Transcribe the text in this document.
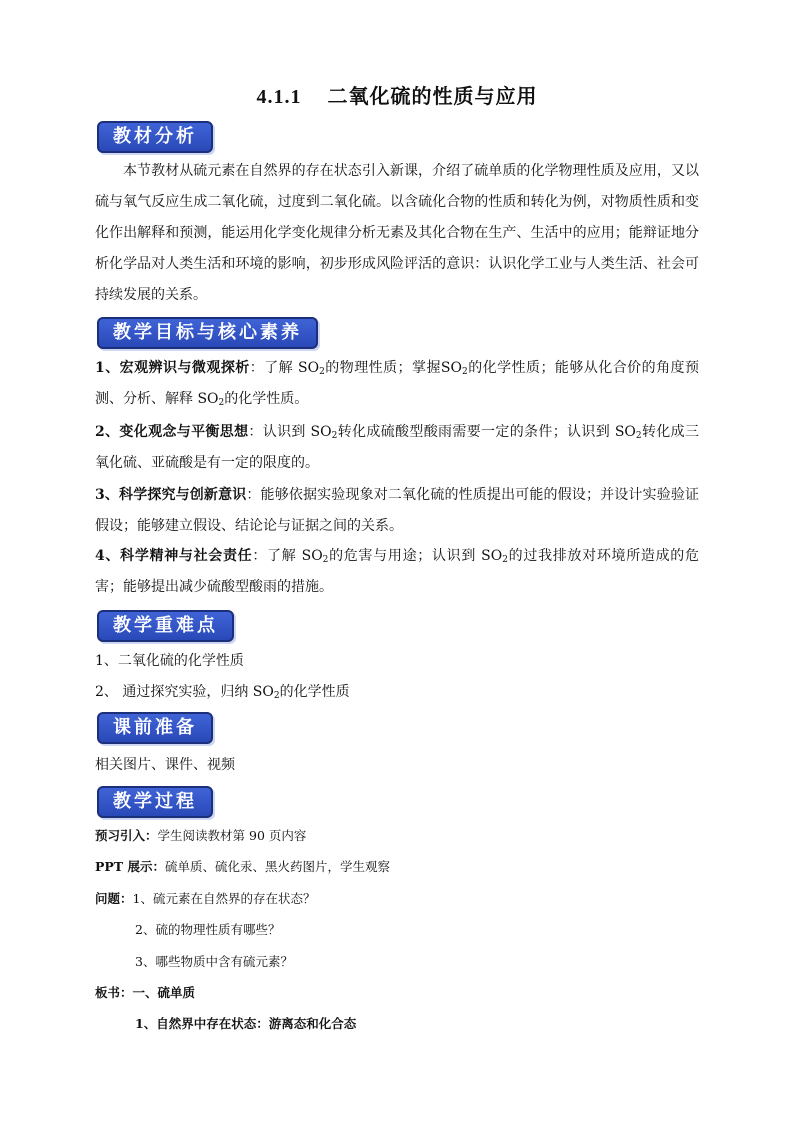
4.1.1 二氧化硫的性质与应用
教材分析
本节教材从硫元素在自然界的存在状态引入新课，介绍了硫单质的化学物理性质及应用，又以硫与氧气反应生成二氧化硫，过度到二氧化硫。以含硫化合物的性质和转化为例，对物质性质和变化作出解释和预测，能运用化学变化规律分析无素及其化合物在生产、生活中的应用；能辩证地分析化学品对人类生活和环境的影响，初步形成风险评活的意识：认识化学工业与人类生活、社会可持续发展的关系。
教学目标与核心素养
1、宏观辨识与微观探析：了解 $SO_2$的物理性质；掌握$SO_2$的化学性质；能够从化合价的角度预测、分析、解释 $SO_2$的化学性质。
2、变化观念与平衡思想：认识到 $SO_2$转化成硫酸型酸雨需要一定的条件；认识到 $SO_2$转化成三氧化硫、亚硫酸是有一定的限度的。
3、科学探究与创新意识：能够依据实验现象对二氧化硫的性质提出可能的假设；并设计实验验证假设；能够建立假设、结论论与证据之间的关系。
4、科学精神与社会责任：了解 $SO_2$的危害与用途；认识到 $SO_2$的过我排放对环境所造成的危害；能够提出减少硫酸型酸雨的措施。
教学重难点
1、二氧化硫的化学性质
2、 通过探究实验，归纳 $SO_2$的化学性质
课前准备
相关图片、课件、视频
教学过程
预习引入：学生阅读教材第 90 页内容
PPT 展示：硫单质、硫化汞、黑火药图片，学生观察
问题：1、硫元素在自然界的存在状态？
2、硫的物理性质有哪些？
3、哪些物质中含有硫元素？
板书：一、硫单质
1、自然界中存在状态：游离态和化合态
